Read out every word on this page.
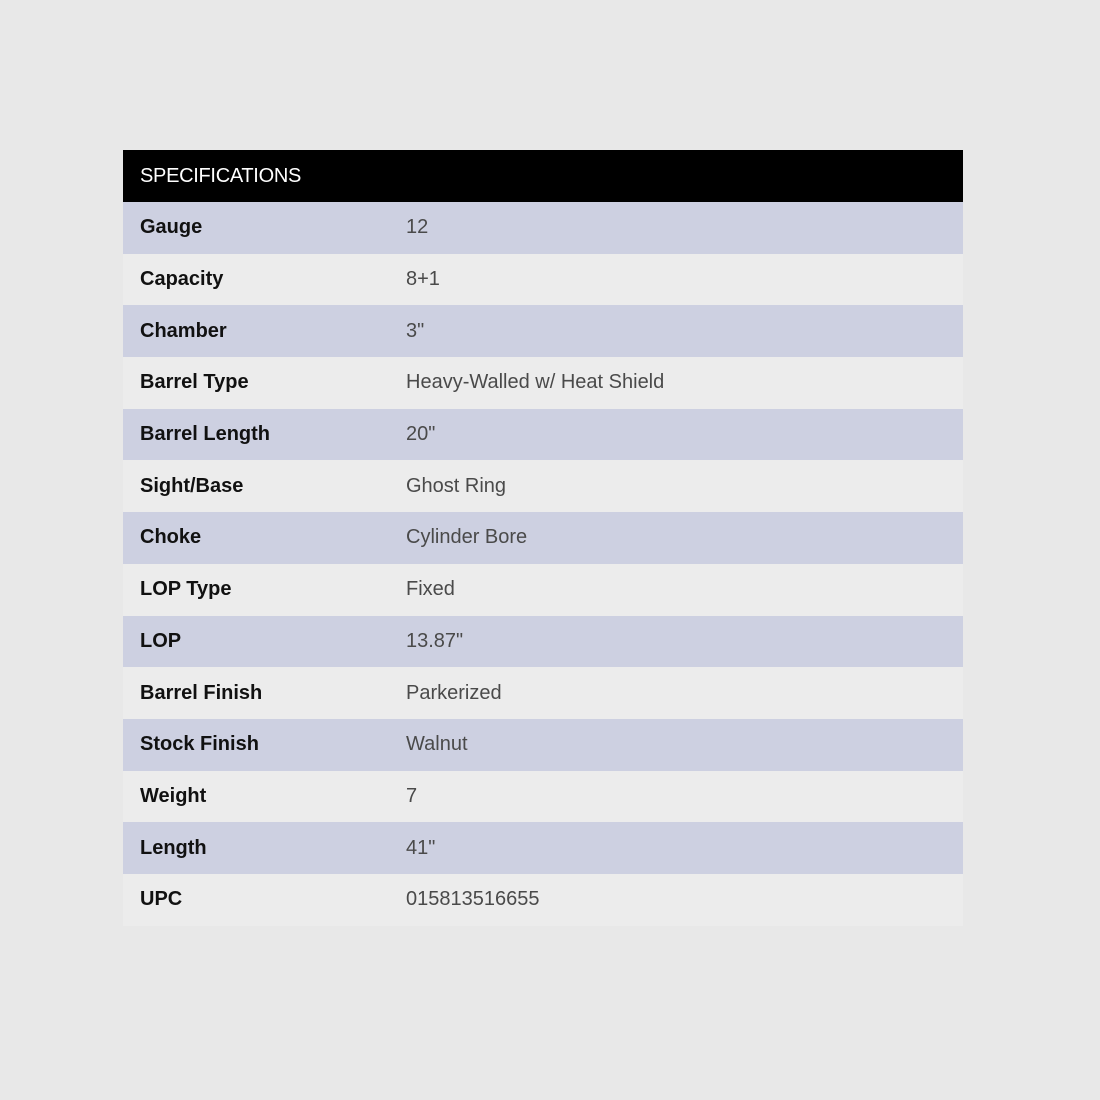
SPECIFICATIONS
Gauge	12
Capacity	8+1
Chamber	3"
Barrel Type	Heavy-Walled w/ Heat Shield
Barrel Length	20"
Sight/Base	Ghost Ring
Choke	Cylinder Bore
LOP Type	Fixed
LOP	13.87"
Barrel Finish	Parkerized
Stock Finish	Walnut
Weight	7
Length	41"
UPC	015813516655
